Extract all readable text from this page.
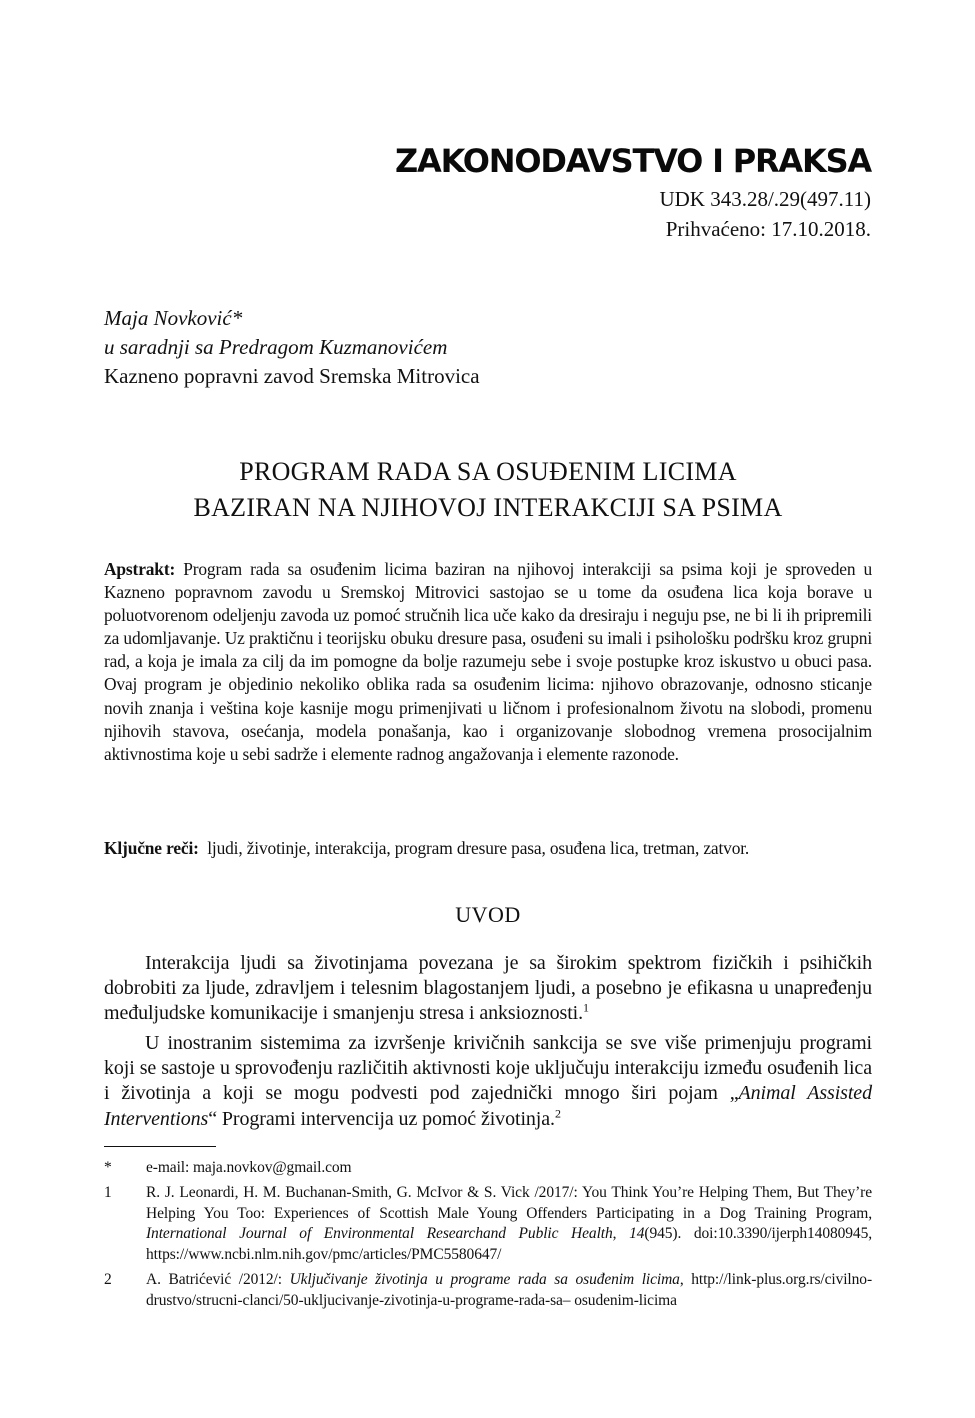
ZAKONODAVSTVO I PRAKSA
UDK 343.28/.29(497.11)
Prihvaćeno: 17.10.2018.
Maja Novković*
u saradnji sa Predragom Kuzmanovićem
Kazneno popravni zavod Sremska Mitrovica
PROGRAM RADA SA OSUĐENIM LICIMA
BAZIRAN NA NJIHOVOJ INTERAKCIJI SA PSIMA
Apstrakt: Program rada sa osuđenim licima baziran na njihovoj interakciji sa psima koji je sproveden u Kazneno popravnom zavodu u Sremskoj Mitrovici sastojao se u tome da osuđena lica koja borave u poluotvorenom odeljenju zavoda uz pomoć stručnih lica uče kako da dresiraju i neguju pse, ne bi li ih pripremili za udomljavanje. Uz praktičnu i teorijsku obuku dresure pasa, osuđeni su imali i psihološku podršku kroz grupni rad, a koja je imala za cilj da im pomogne da bolje razumeju sebe i svoje postupke kroz iskustvo u obuci pasa. Ovaj program je objedinio nekoliko oblika rada sa osuđenim licima: njihovo obrazovanje, odnosno sticanje novih znanja i veština koje kasnije mogu primenjivati u ličnom i profesionalnom životu na slobodi, promenu njihovih stavova, osećanja, modela ponašanja, kao i organizovanje slobodnog vremena prosocijalnim aktivnostima koje u sebi sadrže i elemente radnog angažovanja i elemente razonode.
Ključne reči: ljudi, životinje, interakcija, program dresure pasa, osuđena lica, tretman, zatvor.
UVOD
Interakcija ljudi sa životinjama povezana je sa širokim spektrom fizičkih i psihičkih dobrobiti za ljude, zdravljem i telesnim blagostanjem ljudi, a posebno je efikasna u unapređenju međuljudske komunikacije i smanjenju stresa i anksioznosti.$^1$
U inostranim sistemima za izvršenje krivičnih sankcija se sve više primenjuju programi koji se sastoje u sprovođenju različitih aktivnosti koje uključuju interakciju između osuđenih lica i životinja a koji se mogu podvesti pod zajednički mnogo širi pojam „Animal Assisted Interventions“ Programi intervencija uz pomoć životinja.$^2$
*	e-mail: maja.novkov@gmail.com
1	R. J. Leonardi, H. M. Buchanan-Smith, G. McIvor & S. Vick /2017/: You Think You’re Helping Them, But They’re Helping You Too: Experiences of Scottish Male Young Offenders Participating in a Dog Training Program, International Journal of Environmental Researchand Public Health, 14(945). doi:10.3390/ijerph14080945, https://www.ncbi.nlm.nih.gov/pmc/articles/PMC5580647/
2	A. Batrićević /2012/: Uključivanje životinja u programe rada sa osuđenim licima, http://link-plus.org.rs/civilno-drustvo/strucni-clanci/50-ukljucivanje-zivotinja-u-programe-rada-sa– osudenim-licima
